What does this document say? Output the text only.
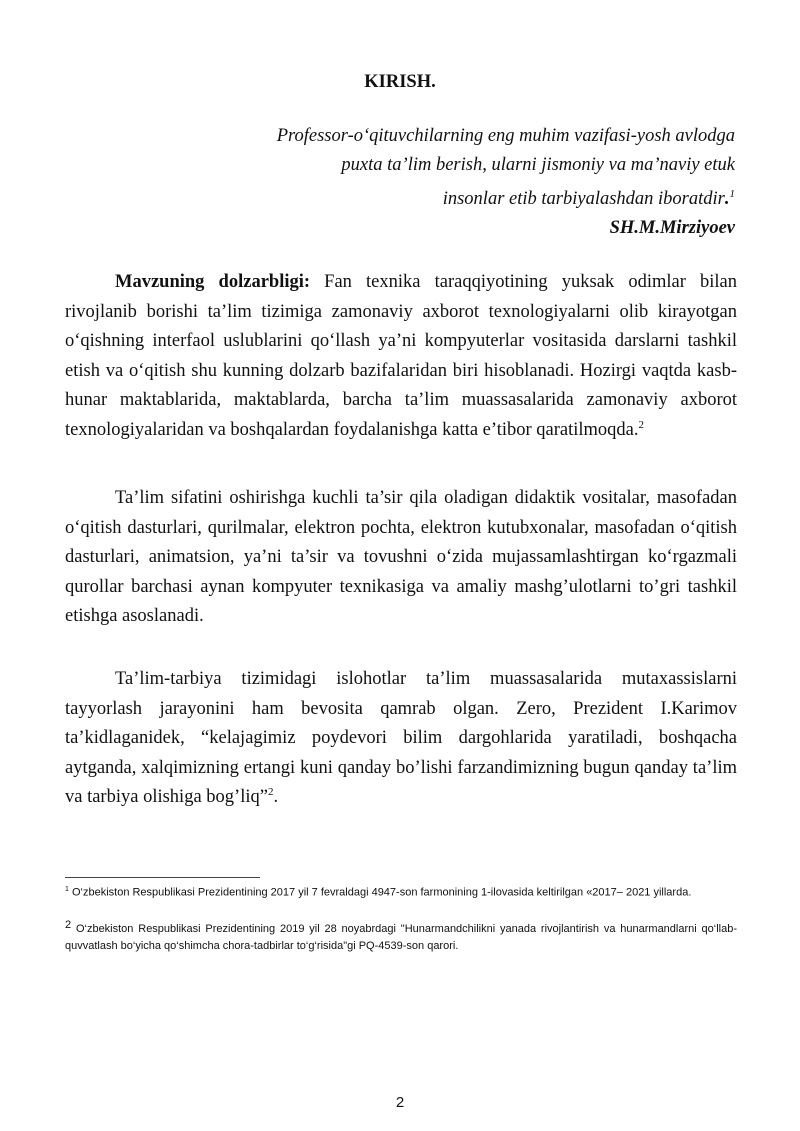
KIRISH.
Professor-o‘qituvchilarning eng muhim vazifasi-yosh avlodga
puxta ta’lim berish, ularni jismoniy va ma’naviy etuk
insonlar etib tarbiyalashdan iboratdir.$^1$
SH.M.Mirziyoev

Mavzuning dolzarbligi: Fan texnika taraqqiyotining yuksak odimlar bilan rivojlanib borishi ta’lim tizimiga zamonaviy axborot texnologiyalarni olib kirayotgan o‘qishning interfaol uslublarini qo‘llash ya’ni kompyuterlar vositasida darslarni tashkil etish va o‘qitish shu kunning dolzarb bazifalaridan biri hisoblanadi. Hozirgi vaqtda kasb-hunar maktablarida, maktablarda, barcha ta’lim muassasalarida zamonaviy axborot texnologiyalaridan va boshqalardan foydalanishga katta e’tibor qaratilmoqda.$^2$

Ta’lim sifatini oshirishga kuchli ta’sir qila oladigan didaktik vositalar, masofadan o‘qitish dasturlari, qurilmalar, elektron pochta, elektron kutubxonalar, masofadan o‘qitish dasturlari, animatsion, ya’ni ta’sir va tovushni o‘zida mujassamlashtirgan ko‘rgazmali qurollar barchasi aynan kompyuter texnikasiga va amaliy mashg’ulotlarni to’gri tashkil etishga asoslanadi.

Ta’lim-tarbiya tizimidagi islohotlar ta’lim muassasalarida mutaxassislarni tayyorlash jarayonini ham bevosita qamrab olgan. Zero, Prezident I.Karimov ta’kidlaganidek, “kelajagimiz poydevori bilim dargohlarida yaratiladi, boshqacha aytganda, xalqimizning ertangi kuni qanday bo’lishi farzandimizning bugun qanday ta’lim va tarbiya olishiga bog’liq”$^2$.

$^1$ O‘zbekiston Respublikasi Prezidentining 2017 yil 7 fevraldagi 4947-son farmonining 1-ilovasida keltirilgan «2017– 2021 yillarda.

$^2$ O‘zbekiston Respublikasi Prezidentining 2019 yil 28 noyabrdagi "Hunarmandchilikni yanada rivojlantirish va hunarmandlarni qo‘llab-quvvatlash bo‘yicha qo‘shimcha chora-tadbirlar to‘g‘risida"gi PQ-4539-son qarori.

2
